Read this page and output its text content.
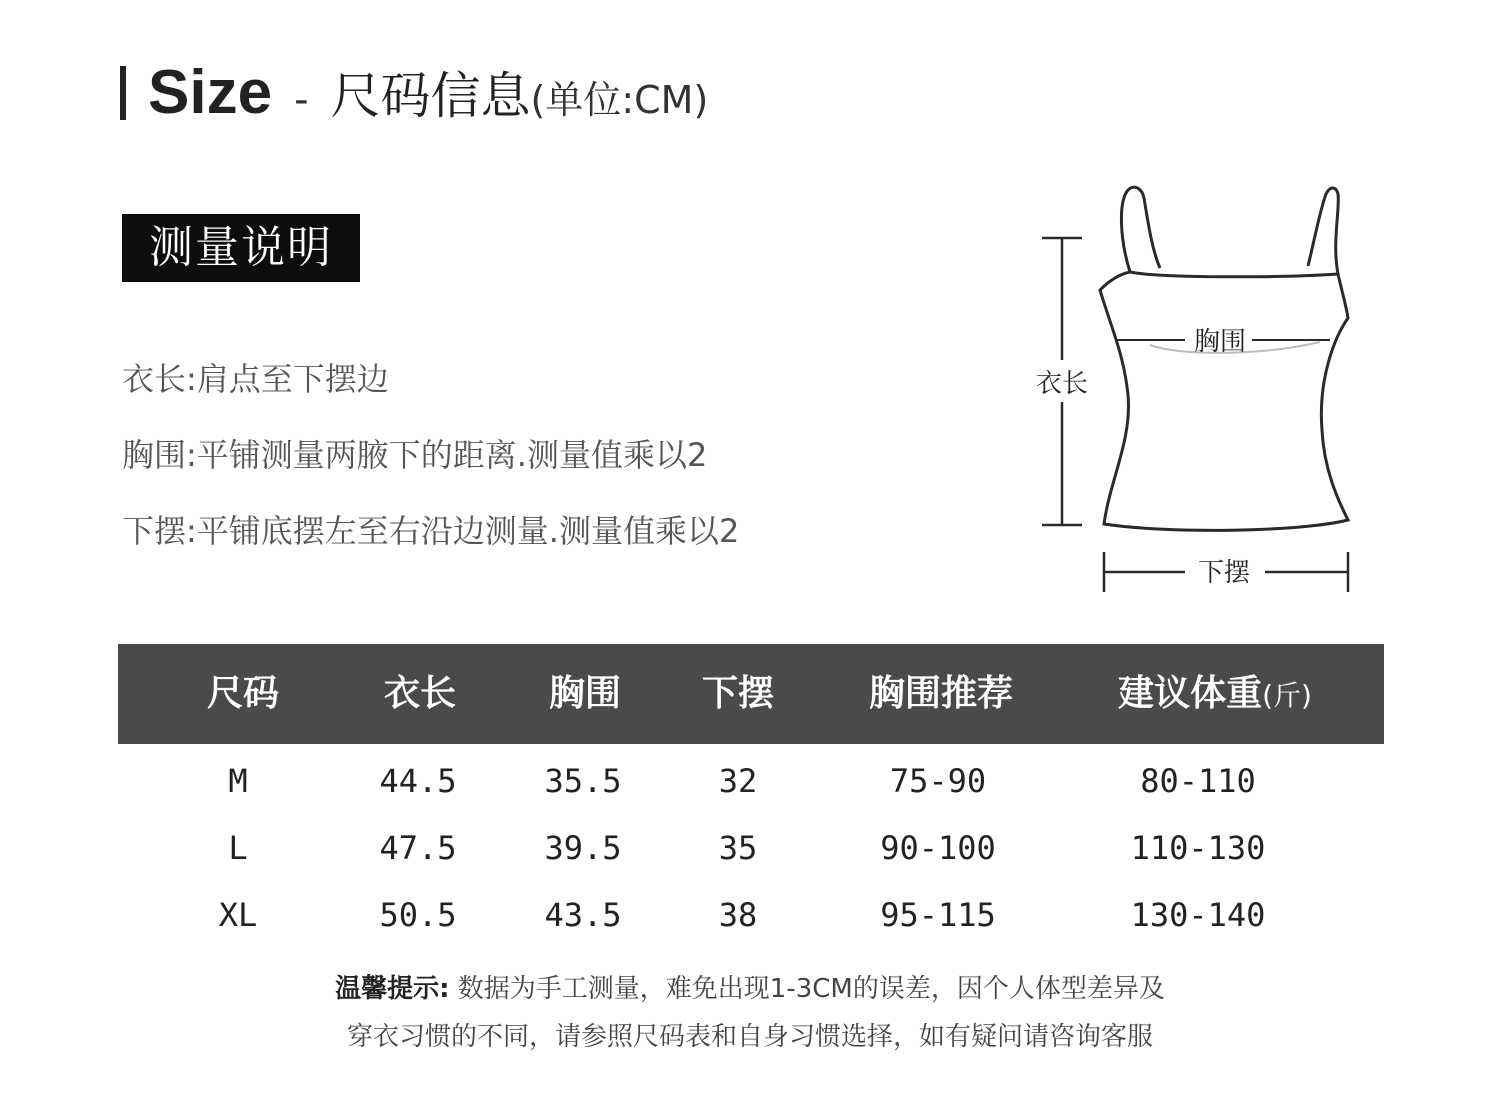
Size - 尺码信息 (单位:CM)
测量说明
衣长:肩点至下摆边
胸围:平铺测量两腋下的距离.测量值乘以2
下摆:平铺底摆左至右沿边测量.测量值乘以2
胸围
衣长
下摆
尺码	衣长	胸围	下摆	胸围推荐	建议体重(斤)
M	44.5	35.5	32	75-90	80-110
L	47.5	39.5	35	90-100	110-130
XL	50.5	43.5	38	95-115	130-140
温馨提示: 数据为手工测量，难免出现1-3CM的误差，因个人体型差异及
穿衣习惯的不同，请参照尺码表和自身习惯选择，如有疑问请咨询客服
